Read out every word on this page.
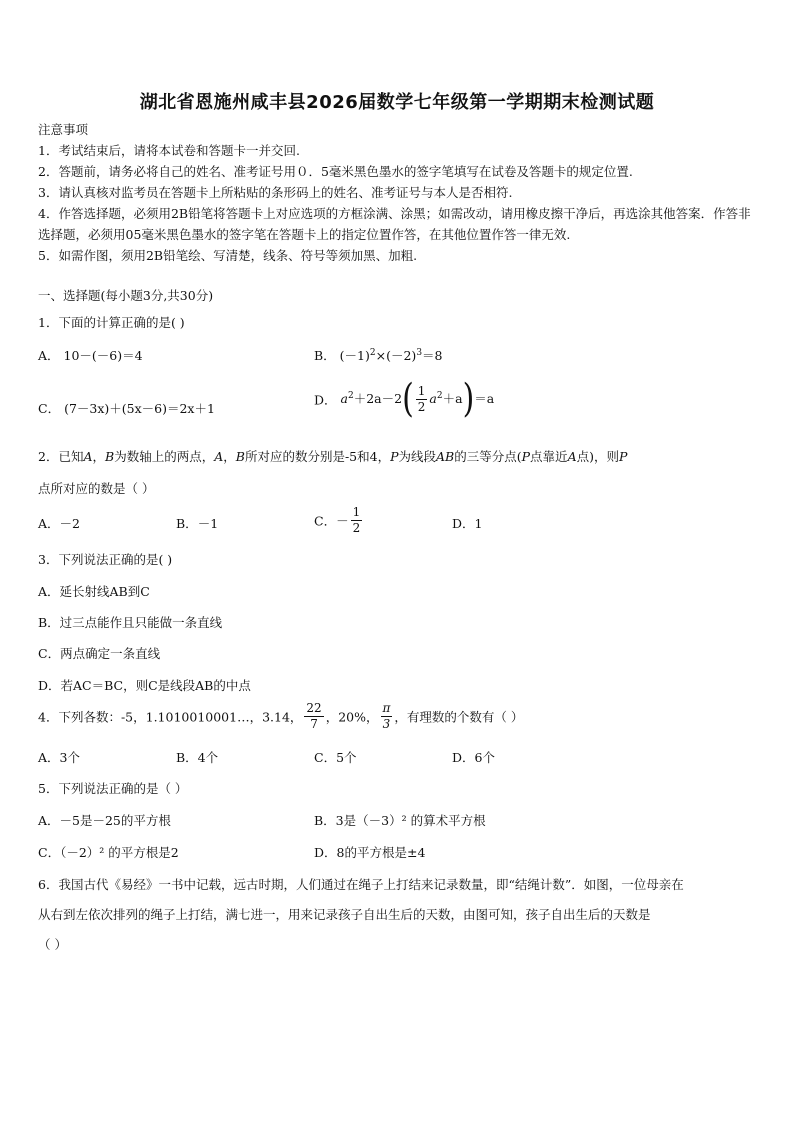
湖北省恩施州咸丰县2026届数学七年级第一学期期末检测试题
注意事项
1．考试结束后，请将本试卷和答题卡一并交回.
2．答题前，请务必将自己的姓名、准考证号用０．5毫米黑色墨水的签字笔填写在试卷及答题卡的规定位置.
3．请认真核对监考员在答题卡上所粘贴的条形码上的姓名、准考证号与本人是否相符.
4．作答选择题，必须用2B铅笔将答题卡上对应选项的方框涂满、涂黑；如需改动，请用橡皮擦干净后，再选涂其他答案．作答非选择题，必须用05毫米黑色墨水的签字笔在答题卡上的指定位置作答，在其他位置作答一律无效.
5．如需作图，须用2B铅笔绘、写清楚，线条、符号等须加黑、加粗.
一、选择题(每小题3分,共30分)
1．下面的计算正确的是( )
A． 10－(－6)＝4	B． $(-1)^2\times(-2)^3=8$
C． (7－3x)＋(5x－6)＝2x＋1
D． $a^2+2a-2( \frac{1}{2} a^2+a)=a$
2．已知A，B为数轴上的两点，A，B所对应的数分别是-5和4，P为线段AB的三等分点(P点靠近A点)，则P
点所对应的数是（ ）
A．－2	B．－1	C．－ $\frac{1}{2}$	D．1
3．下列说法正确的是( )
A．延长射线AB到C
B．过三点能作且只能做一条直线
C．两点确定一条直线
D．若AC＝BC，则C是线段AB的中点
4．下列各数：-5，1.1010010001…，3.14， $\frac{22}{7}$ ，20%， $\frac{\pi}{3}$ ，有理数的个数有（ ）
A．3个	B．4个	C．5个	D．6个
5．下列说法正确的是（ ）
A．－5是－25的平方根	B．3是（－3）² 的算术平方根
C．（－2）² 的平方根是2	D．8的平方根是±4
6．我国古代《易经》一书中记载，远古时期，人们通过在绳子上打结来记录数量，即“结绳计数”．如图，一位母亲在
从右到左依次排列的绳子上打结，满七进一，用来记录孩子自出生后的天数，由图可知，孩子自出生后的天数是
（ ）
